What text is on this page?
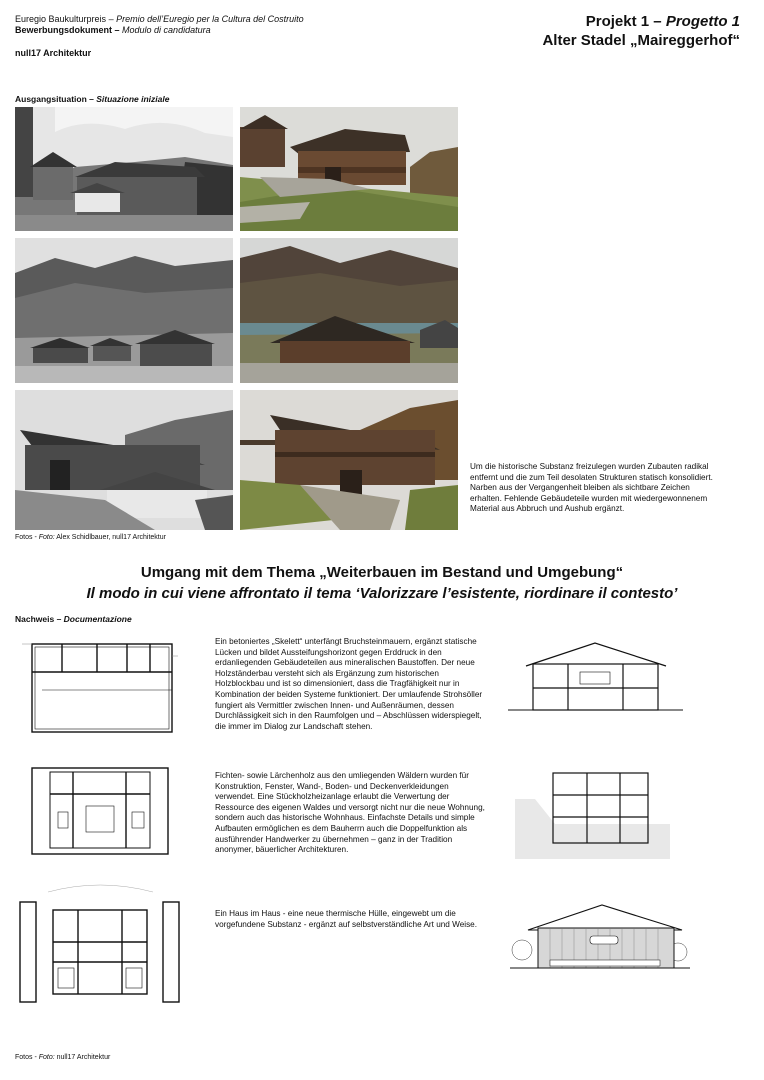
Euregio Baukulturpreis – Premio dell’Euregio per la Cultura del Costruito
Bewerbungsdokument – Modulo di candidatura
null17 Architektur
Projekt 1 – Progetto 1
Alter Stadel „Maireggerhof“
Ausgangsituation – Situazione iniziale
Um die historische Substanz freizulegen wurden Zubauten radikal entfernt und die zum Teil desolaten Strukturen statisch konsolidiert. Narben aus der Vergangenheit bleiben als sichtbare Zeichen erhalten. Fehlende Gebäudeteile wurden mit wiedergewonnenem Material aus Abbruch und Aushub ergänzt.
Fotos - Foto: Alex Schidlbauer, null17 Architektur
Umgang mit dem Thema „Weiterbauen im Bestand und Umgebung“
Il modo in cui viene affrontato il tema ‘Valorizzare l’esistente, riordinare il contesto’
Nachweis – Documentazione
Ein betoniertes „Skelett“ unterfängt Bruchsteinmauern, ergänzt statische Lücken und bildet Aussteifungshorizont gegen Erddruck in den erdanliegenden Gebäudeteilen aus mineralischen Baustoffen. Der neue Holzständerbau versteht sich als Ergänzung zum historischen Holzblockbau und ist so dimensioniert, dass die Tragfähigkeit nur in Kombination der beiden Systeme funktioniert. Der umlaufende Strohsöller fungiert als Vermittler zwischen Innen- und Außenräumen, dessen Durchlässigkeit sich in den Raumfolgen und – Abschlüssen widerspiegelt, die immer im Dialog zur Landschaft stehen.
Fichten- sowie Lärchenholz aus den umliegenden Wäldern wurden für Konstruktion, Fenster, Wand-, Boden- und Deckenverkleidungen verwendet. Eine Stückholzheizanlage erlaubt die Verwertung der Ressource des eigenen Waldes und versorgt nicht nur die neue Wohnung, sondern auch das historische Wohnhaus. Einfachste Details und simple Aufbauten ermöglichen es dem Bauherrn auch die Doppelfunktion als ausführender Handwerker zu übernehmen – ganz in der Tradition anonymer, bäuerlicher Architekturen.
Ein Haus im Haus - eine neue thermische Hülle, eingewebt um die vorgefundene Substanz - ergänzt auf selbstverständliche Art und Weise.
Fotos - Foto: null17 Architektur
